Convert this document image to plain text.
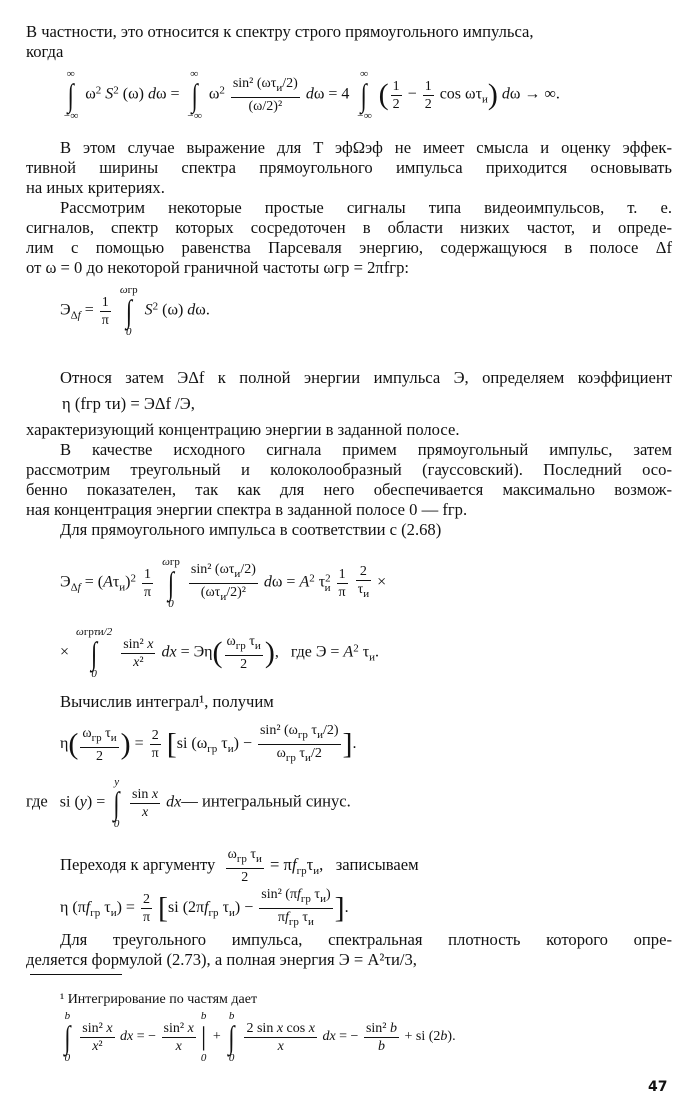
В частности, это относится к спектру строго прямоугольного импульса,
когда
∞
∫
−∞
$\omega^2$ $S^2$ (ω) dω =
∞
∫
−∞
$\omega^2 \frac{\sin^2 (\omega\tau_и/2)}{\text{(ω/2)²}}$ dω = 4
∞
∫
−∞
( $\frac{1}{2} - \frac{1}{2}$ $\cos \omega\tau_и$) dω → ∞.
В этом случае выражение для T эфΩэф не имеет смысла и оценку эффек-
тивной ширины спектра прямоугольного импульса приходится основывать
на иных критериях.
Рассмотрим некоторые простые сигналы типа видеоимпульсов, т. е.
сигналов, спектр которых сосредоточен в области низких частот, и опреде-
лим с помощью равенства Парсеваля энергию, содержащуюся в полосе Δf
от ω = 0 до некоторой граничной частоты ωгр = 2πfгр:
$Э_{\Delta f} = \frac{1}{\pi}$

ωгр
∫
0
$S^2$ (ω) dω.
Относя затем ЭΔf к полной энергии импульса Э, определяем коэффициент
η (fгр τи) = ЭΔf /Э,
характеризующий концентрацию энергии в заданной полосе.
В качестве исходного сигнала примем прямоугольный импульс, затем
рассмотрим треугольный и колоколообразный (гауссовский). Последний осо-
бенно показателен, так как для него обеспечивается максимально возмож-
ная концентрация энергии спектра в заданной полосе 0 — fгр.
Для прямоугольного импульса в соответствии с (2.68)
$Э_{\Delta f} = (A\tau_и)^2 \frac{1}{\pi}$

ωгр
∫
0
	$\frac{\sin^2 (\omega\tau_и/2)}{(\omega\tau_и/2)^2}$ $d\omega = A^2$ $\tau^2_и \frac{1}{\pi}$
$\frac{2}{\tau_и}$ ×
×
ωгрτи/2
∫
0

$\frac{\text{sin² x}}{\text{x²}}$ dx = $Э\eta( \frac{\omega_{гр} \tau_и}{2}$ ),   где $Э = A^2$ $\tau_и$.
Вычислив интеграл¹, получим
$\eta( \frac{\omega_{гр} \tau_и}{2}$ ) = $\frac{2}{\pi} [si$ ($\omega_{гр}$ $\tau_и) - \frac{\sin^2 (\omega_{гр} \tau_и/2)}{\omega_{гр} \tau_и/2}$ ].
где   si (y) =
y
∫
0

$\frac{\text{sin x}}{x}$ dx— интегральный синус.
Переходя к аргументу $\frac{\omega_{гр} \tau_и}{2} = \pi f_{гр}\tau_и$,   записываем
η ($\pi f_{гр}$ $\tau_и) = \frac{2}{\pi} [si$ ($2\pi f_{гр}$ $\tau_и) - \frac{\sin^2 (\pi f_{гр} \tau_и)}{\pi f_{гр} \tau_и}$ ].
Для треугольного импульса, спектральная плотность которого опре-
деляется формулой (2.73), а полная энергия Э = A²τи/3,
¹ Интегрирование по частям дает
b
∫
0

$\frac{\text{sin² x}}{\text{x²}}$ dx = − $\frac{\text{sin² x}}{x}$
b
|
0
+
b
∫
0

$\frac{\text{2 sin x cos x}}{x}$ dx = − $\frac{\text{sin² b}}{b}$ + si (2b).
47
